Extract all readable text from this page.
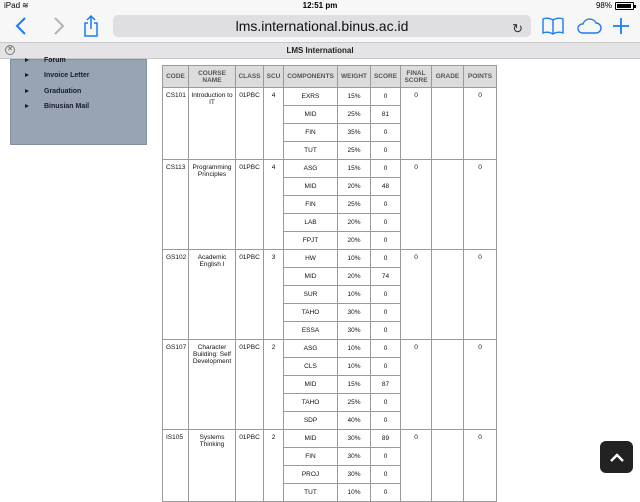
iPad ≋	12:51 pm	98%
lms.international.binus.ac.id	↻
✕	LMS International
Forum
Invoice Letter
Graduation
Binusian Mail
CODE	COURSE NAME	CLASS	SCU	COMPONENTS	WEIGHT	SCORE	FINAL SCORE	GRADE	POINTS
CS101	Introduction to IT	01PBC	4	EXRS	15%	0	0		0
				MID	25%	81			
				FIN	35%	0			
				TUT	25%	0			
CS113	Programming Principles	01PBC	4	ASG	15%	0	0		0
				MID	20%	48			
				FIN	25%	0			
				LAB	20%	0			
				FPJT	20%	0			
GS102	Academic English I	01PBC	3	HW	10%	0	0		0
				MID	20%	74			
				SUR	10%	0			
				TAHO	30%	0			
				ESSA	30%	0			
GS107	Character Building: Self Development	01PBC	2	ASG	10%	0	0		0
				CLS	10%	0			
				MID	15%	87			
				TAHO	25%	0			
				SDP	40%	0			
IS105	Systems Thinking	01PBC	2	MID	30%	89	0		0
				FIN	30%	0			
				PROJ	30%	0			
				TUT	10%	0			
